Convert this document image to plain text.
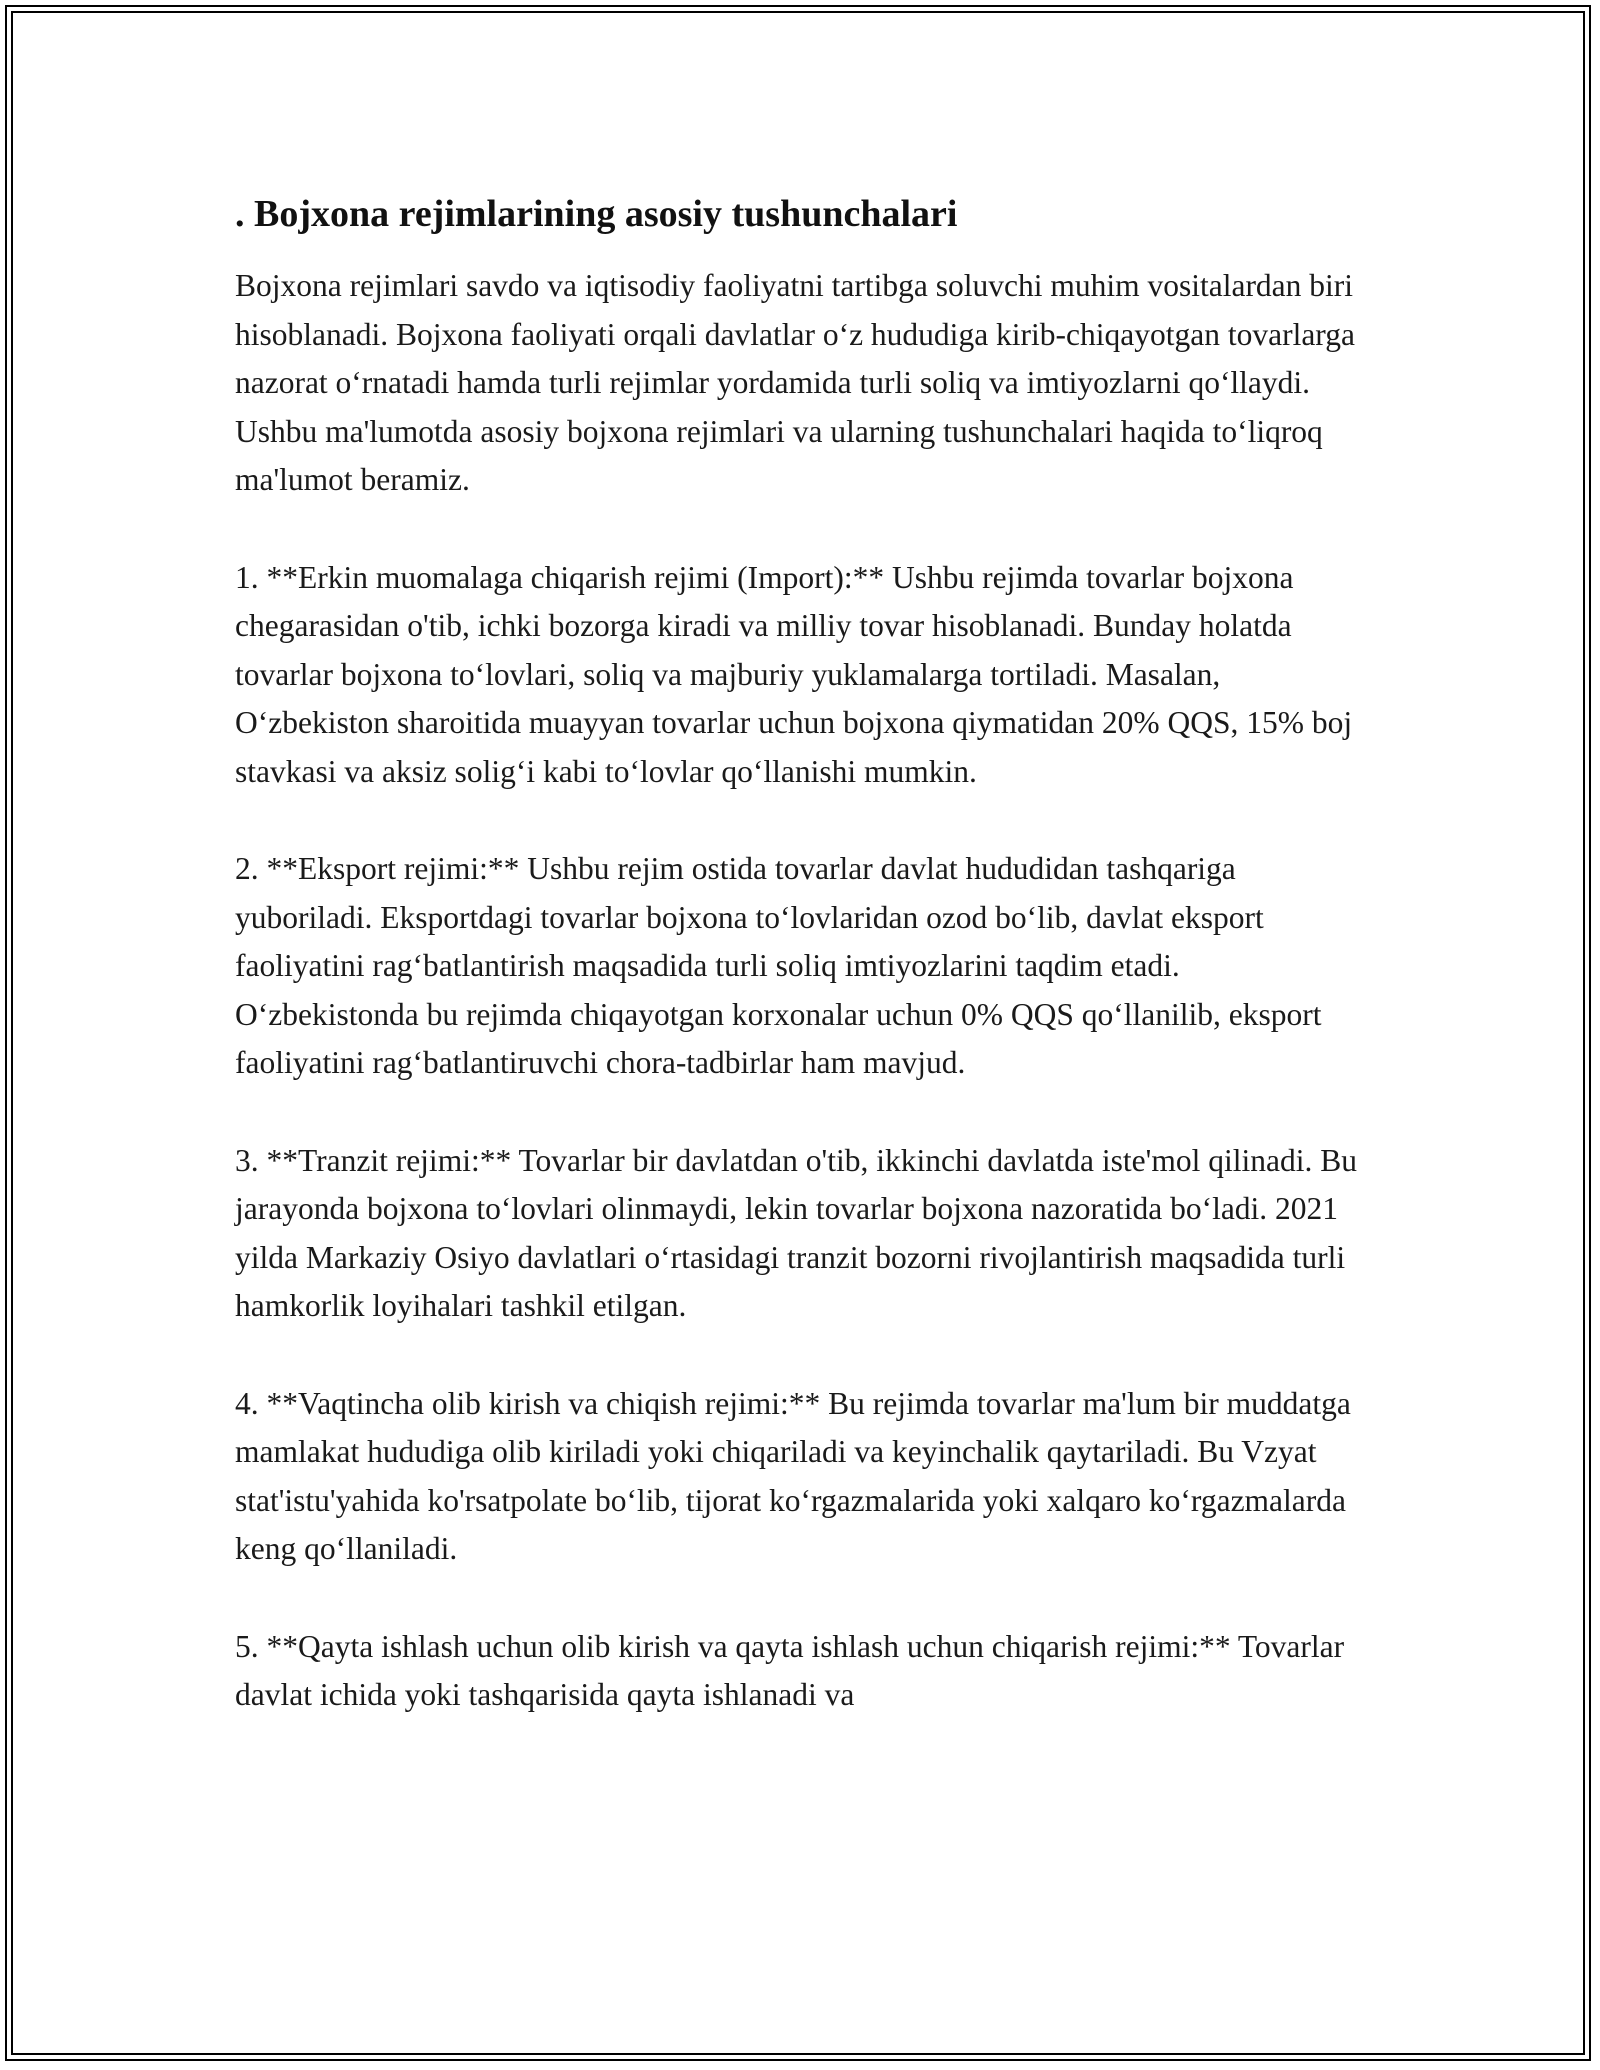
. Bojxona rejimlarining asosiy tushunchalari

Bojxona rejimlari savdo va iqtisodiy faoliyatni tartibga soluvchi muhim vositalardan biri hisoblanadi. Bojxona faoliyati orqali davlatlar o‘z hududiga kirib-chiqayotgan tovarlarga nazorat o‘rnatadi hamda turli rejimlar yordamida turli soliq va imtiyozlarni qo‘llaydi. Ushbu ma'lumotda asosiy bojxona rejimlari va ularning tushunchalari haqida to‘liqroq ma'lumot beramiz.

1. **Erkin muomalaga chiqarish rejimi (Import):** Ushbu rejimda tovarlar bojxona chegarasidan o'tib, ichki bozorga kiradi va milliy tovar hisoblanadi. Bunday holatda tovarlar bojxona to‘lovlari, soliq va majburiy yuklamalarga tortiladi. Masalan, O‘zbekiston sharoitida muayyan tovarlar uchun bojxona qiymatidan 20% QQS, 15% boj stavkasi va aksiz solig‘i kabi to‘lovlar qo‘llanishi mumkin.

2. **Eksport rejimi:** Ushbu rejim ostida tovarlar davlat hududidan tashqariga yuboriladi. Eksportdagi tovarlar bojxona to‘lovlaridan ozod bo‘lib, davlat eksport faoliyatini rag‘batlantirish maqsadida turli soliq imtiyozlarini taqdim etadi. O‘zbekistonda bu rejimda chiqayotgan korxonalar uchun 0% QQS qo‘llanilib, eksport faoliyatini rag‘batlantiruvchi chora-tadbirlar ham mavjud.

3. **Tranzit rejimi:** Tovarlar bir davlatdan o'tib, ikkinchi davlatda iste'mol qilinadi. Bu jarayonda bojxona to‘lovlari olinmaydi, lekin tovarlar bojxona nazoratida bo‘ladi. 2021 yilda Markaziy Osiyo davlatlari o‘rtasidagi tranzit bozorni rivojlantirish maqsadida turli hamkorlik loyihalari tashkil etilgan.

4. **Vaqtincha olib kirish va chiqish rejimi:** Bu rejimda tovarlar ma'lum bir muddatga mamlakat hududiga olib kiriladi yoki chiqariladi va keyinchalik qaytariladi. Bu Vzyat stat'istu'yahida ko'rsatpolate bo‘lib, tijorat ko‘rgazmalarida yoki xalqaro ko‘rgazmalarda keng qo‘llaniladi.

5. **Qayta ishlash uchun olib kirish va qayta ishlash uchun chiqarish rejimi:** Tovarlar davlat ichida yoki tashqarisida qayta ishlanadi va
